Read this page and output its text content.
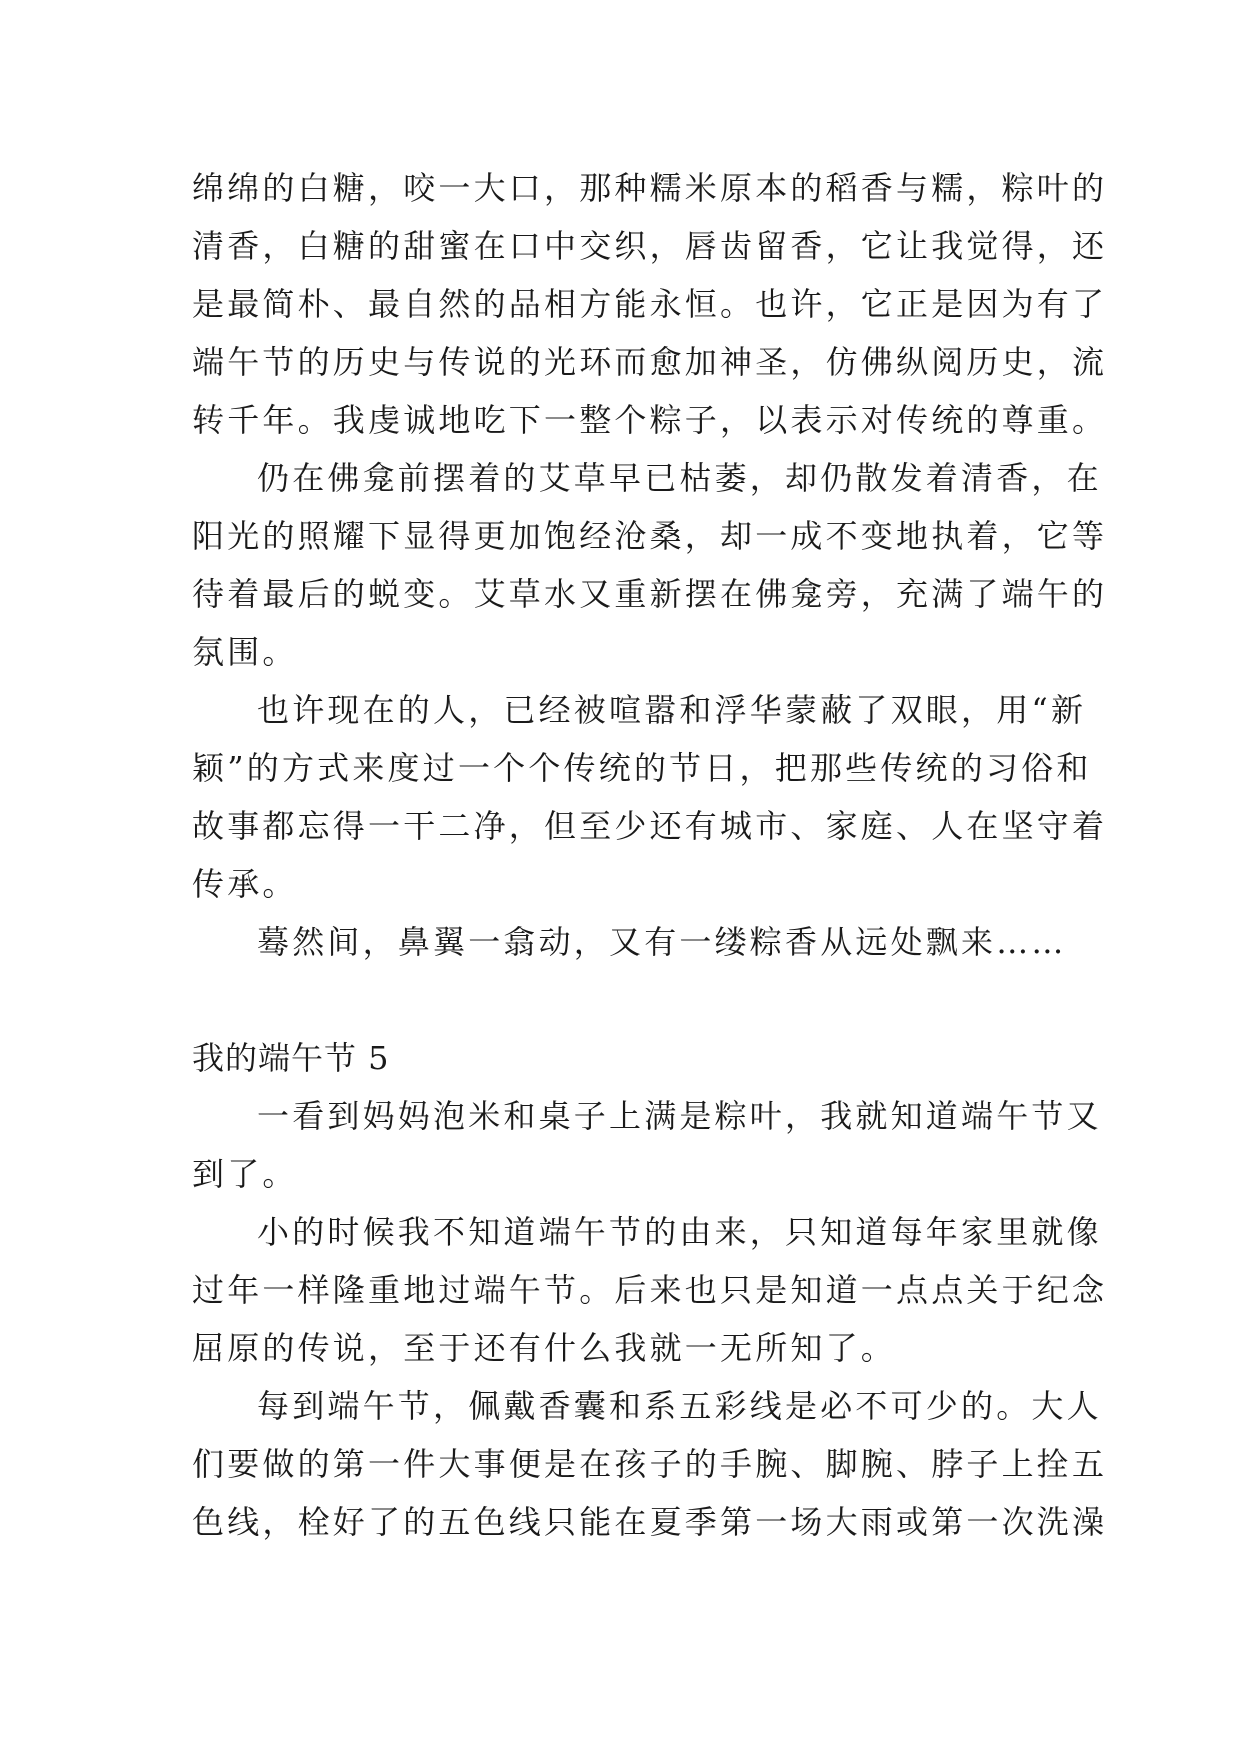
绵绵的白糖，咬一大口，那种糯米原本的稻香与糯，粽叶的
清香，白糖的甜蜜在口中交织，唇齿留香，它让我觉得，还
是最简朴、最自然的品相方能永恒。也许，它正是因为有了
端午节的历史与传说的光环而愈加神圣，仿佛纵阅历史，流
转千年。我虔诚地吃下一整个粽子，以表示对传统的尊重。
仍在佛龛前摆着的艾草早已枯萎，却仍散发着清香，在
阳光的照耀下显得更加饱经沧桑，却一成不变地执着，它等
待着最后的蜕变。艾草水又重新摆在佛龛旁，充满了端午的
氛围。
也许现在的人，已经被喧嚣和浮华蒙蔽了双眼，用“新
颖”的方式来度过一个个传统的节日，把那些传统的习俗和
故事都忘得一干二净，但至少还有城市、家庭、人在坚守着
传承。
蓦然间，鼻翼一翕动，又有一缕粽香从远处飘来……
我的端午节 5
一看到妈妈泡米和桌子上满是粽叶，我就知道端午节又
到了。
小的时候我不知道端午节的由来，只知道每年家里就像
过年一样隆重地过端午节。后来也只是知道一点点关于纪念
屈原的传说，至于还有什么我就一无所知了。
每到端午节，佩戴香囊和系五彩线是必不可少的。大人
们要做的第一件大事便是在孩子的手腕、脚腕、脖子上拴五
色线，栓好了的五色线只能在夏季第一场大雨或第一次洗澡
